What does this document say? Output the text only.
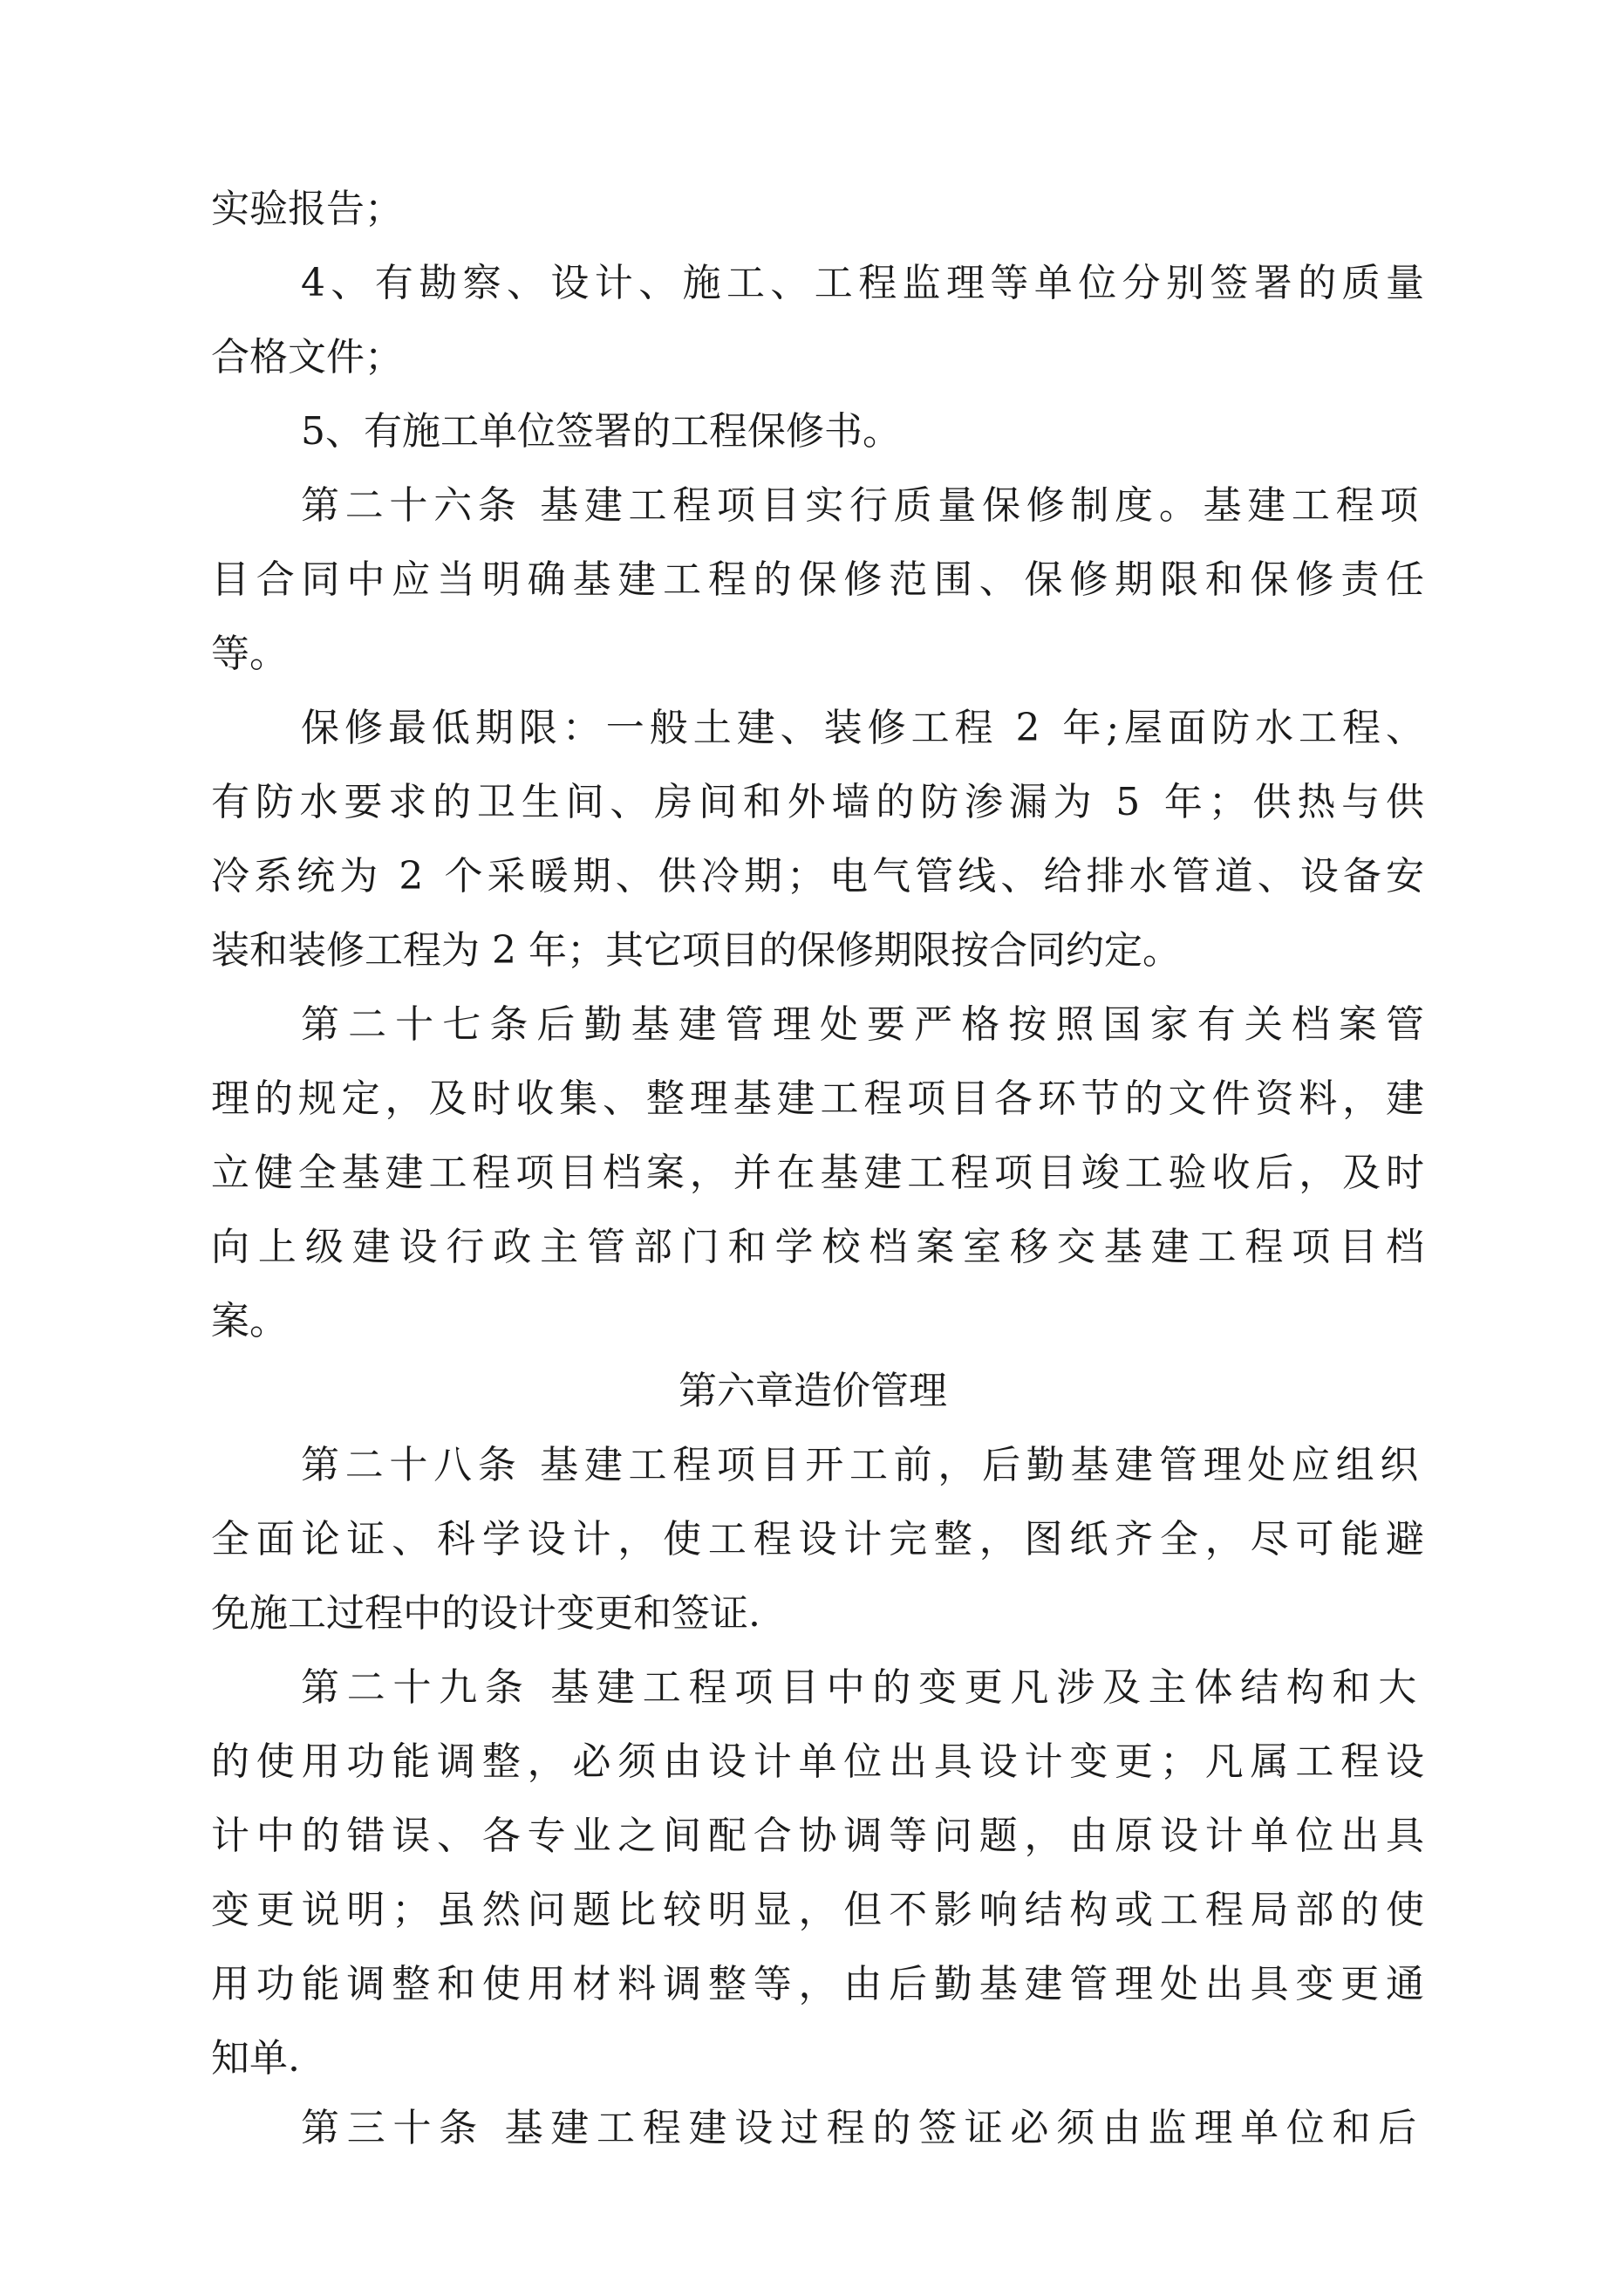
实验报告；
4、有勘察、设计、施工、工程监理等单位分别签署的质量
合格文件；
5、有施工单位签署的工程保修书。
第二十六条 基建工程项目实行质量保修制度。基建工程项
目合同中应当明确基建工程的保修范围、保修期限和保修责任
等。
保修最低期限：一般土建、装修工程 2 年;屋面防水工程、
有防水要求的卫生间、房间和外墙的防渗漏为 5 年；供热与供
冷系统为 2 个采暖期、供冷期；电气管线、给排水管道、设备安
装和装修工程为 2 年；其它项目的保修期限按合同约定。
第二十七条后勤基建管理处要严格按照国家有关档案管
理的规定，及时收集、整理基建工程项目各环节的文件资料，建
立健全基建工程项目档案，并在基建工程项目竣工验收后，及时
向上级建设行政主管部门和学校档案室移交基建工程项目档
案。
第六章造价管理
第二十八条 基建工程项目开工前，后勤基建管理处应组织
全面论证、科学设计，使工程设计完整，图纸齐全，尽可能避
免施工过程中的设计变更和签证.
第二十九条 基建工程项目中的变更凡涉及主体结构和大
的使用功能调整，必须由设计单位出具设计变更；凡属工程设
计中的错误、各专业之间配合协调等问题，由原设计单位出具
变更说明；虽然问题比较明显，但不影响结构或工程局部的使
用功能调整和使用材料调整等，由后勤基建管理处出具变更通
知单.
第三十条 基建工程建设过程的签证必须由监理单位和后
